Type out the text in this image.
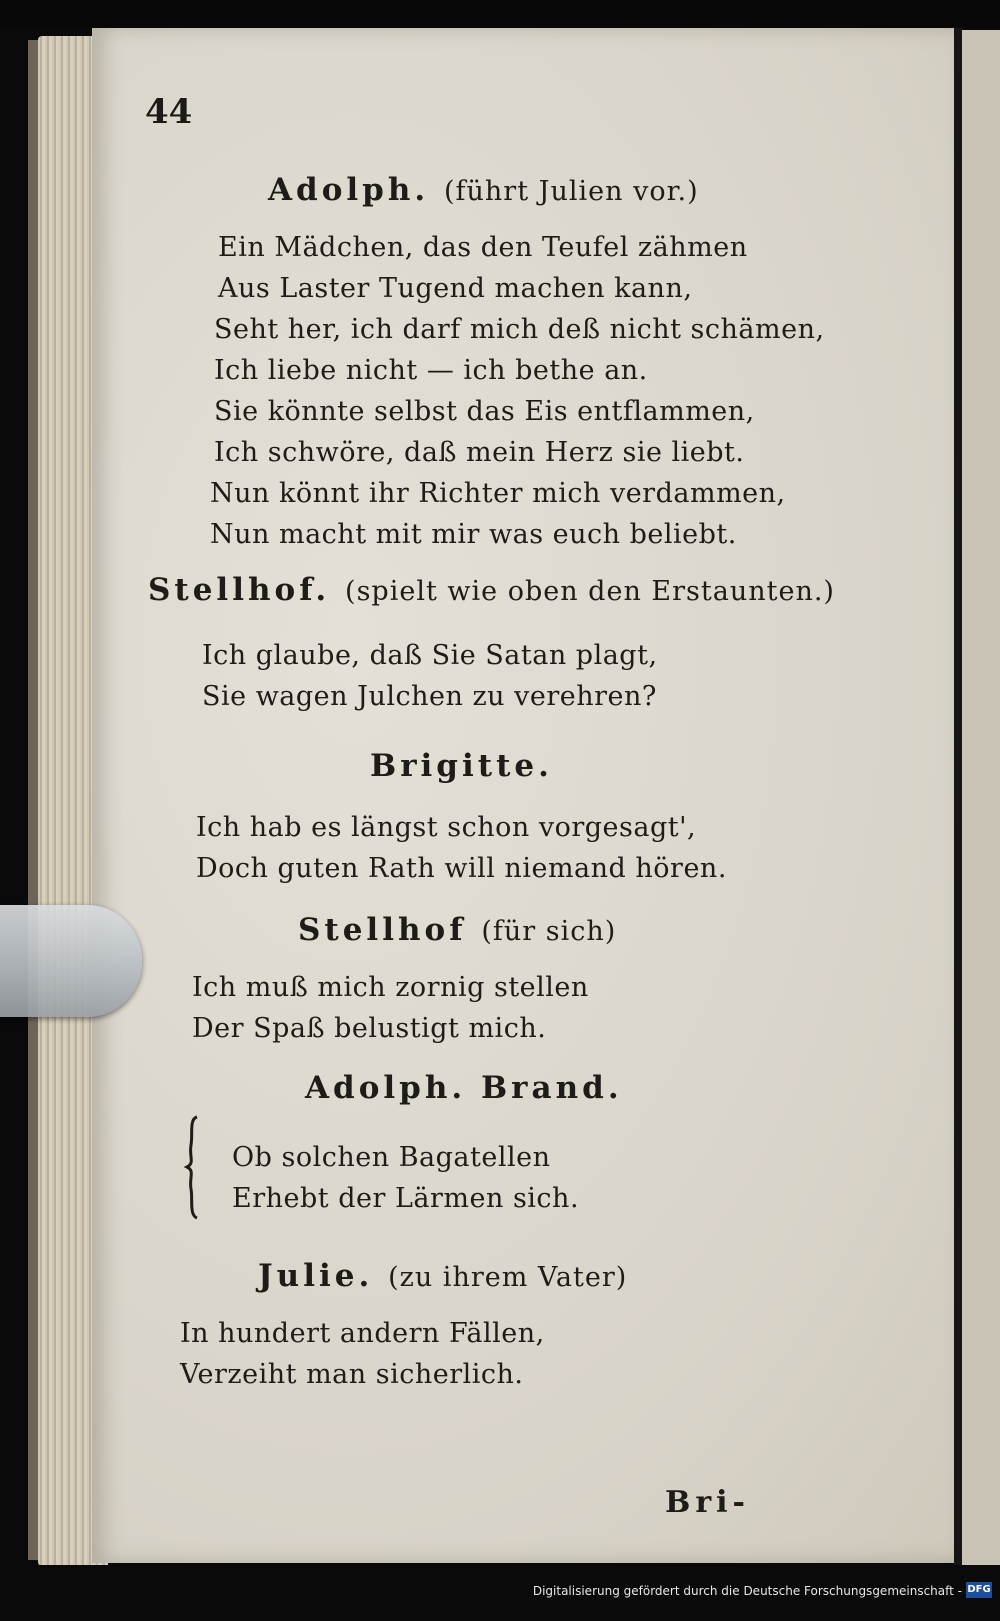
44
Adolph. (führt Julien vor.)
Ein Mädchen, das den Teufel zähmen
Aus Laster Tugend machen kann,
Seht her, ich darf mich deß nicht schämen,
Ich liebe nicht — ich bethe an.
Sie könnte selbst das Eis entflammen,
Ich schwöre, daß mein Herz sie liebt.
Nun könnt ihr Richter mich verdammen,
Nun macht mit mir was euch beliebt.
Stellhof. (spielt wie oben den Erstaunten.)
Ich glaube, daß Sie Satan plagt,
Sie wagen Julchen zu verehren?
Brigitte.
Ich hab es längst schon vorgesagt',
Doch guten Rath will niemand hören.
Stellhof (für sich)
Ich muß mich zornig stellen
Der Spaß belustigt mich.
Adolph. Brand.
Ob solchen Bagatellen
Erhebt der Lärmen sich.
Julie. (zu ihrem Vater)
In hundert andern Fällen,
Verzeiht man sicherlich.
Bri-
Digitalisierung gefördert durch die Deutsche Forschungsgemeinschaft - DFG
